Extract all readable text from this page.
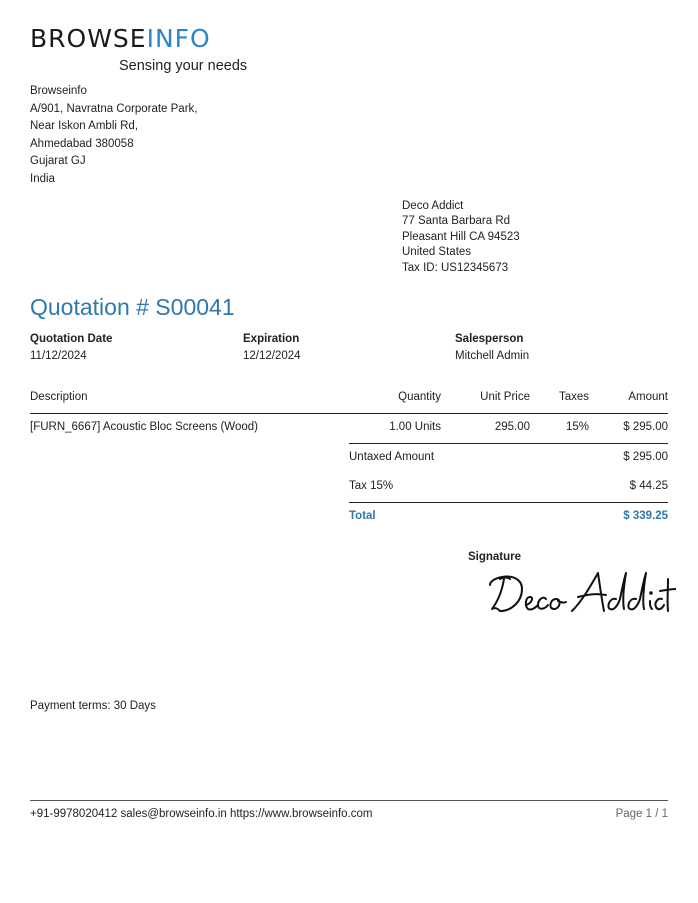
BROWSEINFO
Sensing your needs
Browseinfo
A/901, Navratna Corporate Park,
Near Iskon Ambli Rd,
Ahmedabad 380058
Gujarat GJ
India
Deco Addict
77 Santa Barbara Rd
Pleasant Hill CA 94523
United States
Tax ID: US12345673
Quotation # S00041
Quotation Date
11/12/2024
Expiration
12/12/2024
Salesperson
Mitchell Admin
Description	Quantity	Unit Price	Taxes	Amount
[FURN_6667] Acoustic Bloc Screens (Wood)	1.00 Units	295.00	15%	$ 295.00
Untaxed Amount	$ 295.00
Tax 15%	$ 44.25
Total	$ 339.25
Signature
Payment terms: 30 Days
+91-9978020412 sales@browseinfo.in https://www.browseinfo.com	Page 1 / 1
